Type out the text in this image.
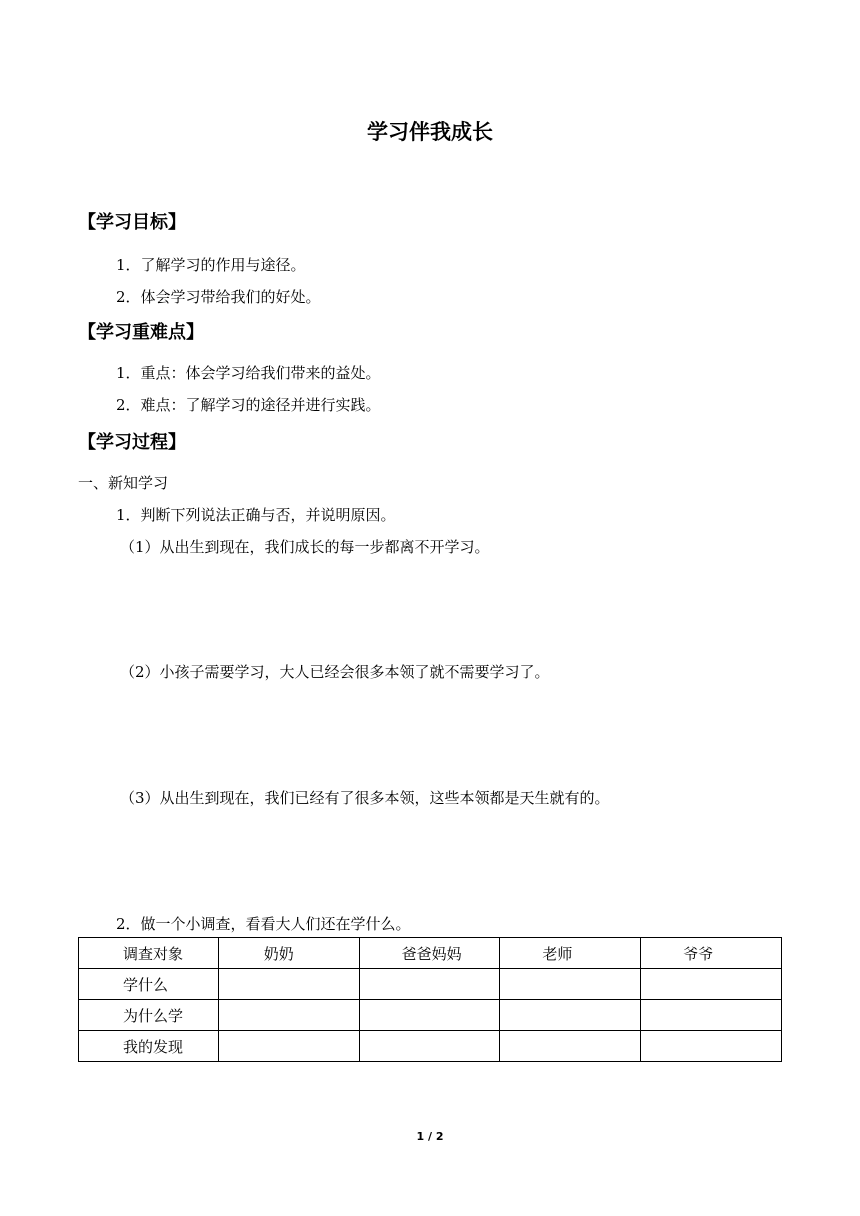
学习伴我成长
【学习目标】
1．了解学习的作用与途径。
2．体会学习带给我们的好处。
【学习重难点】
1．重点：体会学习给我们带来的益处。
2．难点：了解学习的途径并进行实践。
【学习过程】
一、新知学习
1．判断下列说法正确与否，并说明原因。
（1）从出生到现在，我们成长的每一步都离不开学习。
（2）小孩子需要学习，大人已经会很多本领了就不需要学习了。
（3）从出生到现在，我们已经有了很多本领，这些本领都是天生就有的。
2．做一个小调查，看看大人们还在学什么。
调查对象	奶奶	爸爸妈妈	老师	爷爷
学什么				
为什么学				
我的发现				
1 / 2
